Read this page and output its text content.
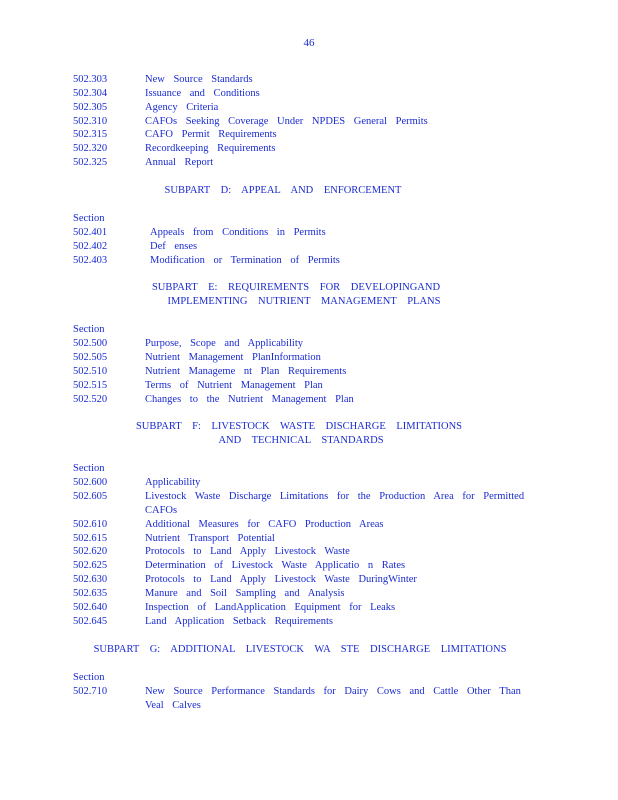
46
502.303	New Source Standards
502.304	Issuance and Conditions
502.305	Agency Criteria
502.310	CAFOs Seeking Coverage Under NPDES General Permits
502.315	CAFO Permit Requirements
502.320	Recordkeeping Requirements
502.325	Annual Report
SUBPART D: APPEAL AND ENFORCEMENT
Section
502.401	Appeals from Conditions in Permits
502.402	Def enses
502.403	Modification or Termination of Permits
SUBPART E: REQUIREMENTS FOR DEVELOPINGAND
IMPLEMENTING NUTRIENT MANAGEMENT PLANS
Section
502.500	Purpose, Scope and Applicability
502.505	Nutrient Management PlanInformation
502.510	Nutrient Manageme nt Plan Requirements
502.515	Terms of Nutrient Management Plan
502.520	Changes to the Nutrient Management Plan
SUBPART F: LIVESTOCK WASTE DISCHARGE LIMITATIONS
AND TECHNICAL STANDARDS
Section
502.600	Applicability
502.605	Livestock Waste Discharge Limitations for the Production Area for Permitted CAFOs
502.610	Additional Measures for CAFO Production Areas
502.615	Nutrient Transport Potential
502.620	Protocols to Land Apply Livestock Waste
502.625	Determination of Livestock Waste Applicatio n Rates
502.630	Protocols to Land Apply Livestock Waste DuringWinter
502.635	Manure and Soil Sampling and Analysis
502.640	Inspection of LandApplication Equipment for Leaks
502.645	Land Application Setback Requirements
SUBPART G: ADDITIONAL LIVESTOCK WA STE DISCHARGE LIMITATIONS
Section
502.710	New Source Performance Standards for Dairy Cows and Cattle Other Than Veal Calves
